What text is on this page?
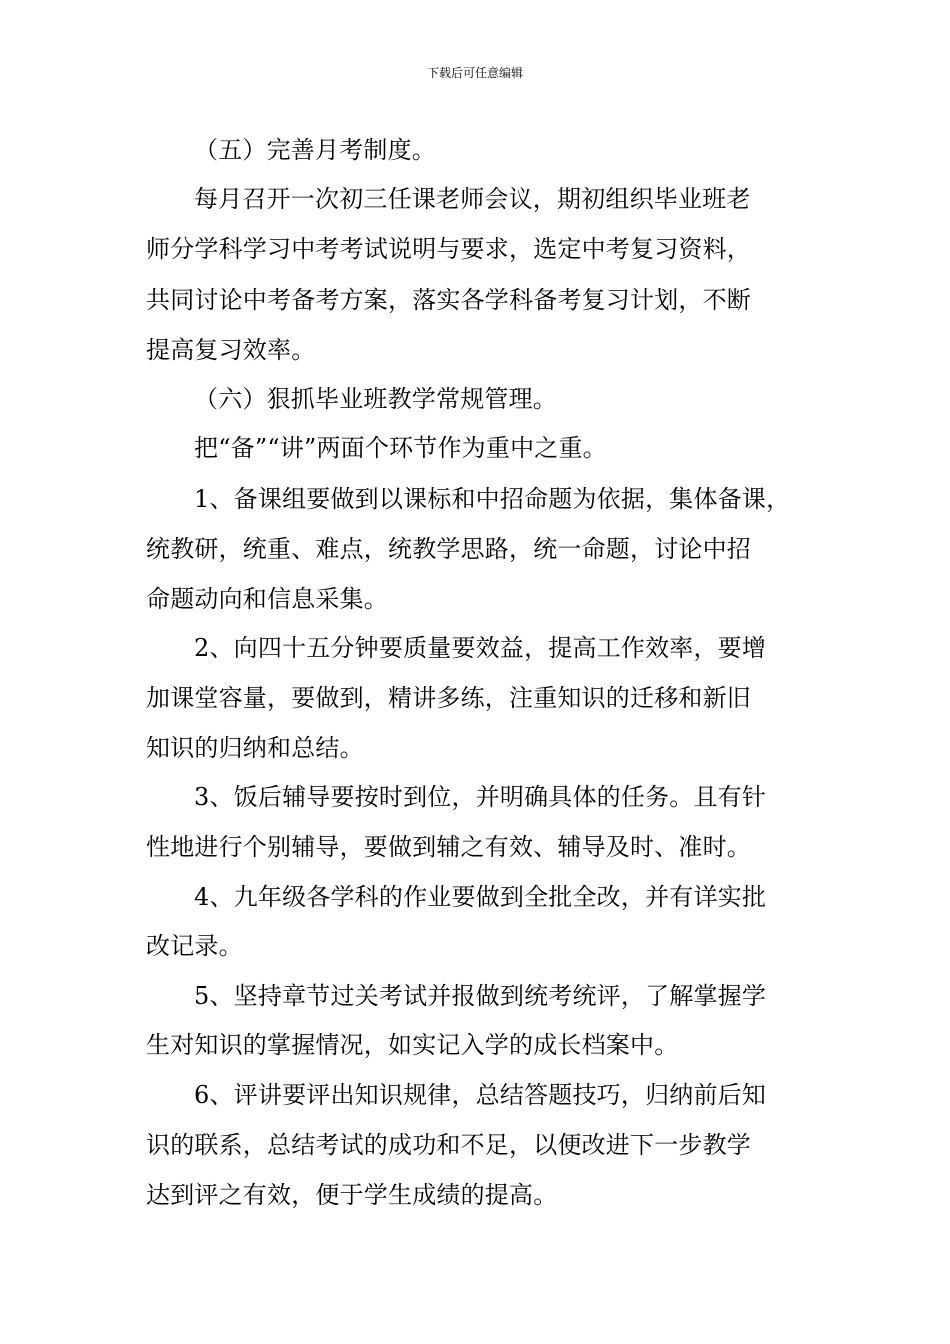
下载后可任意编辑
（五）完善月考制度。
每月召开一次初三任课老师会议，期初组织毕业班老
师分学科学习中考考试说明与要求，选定中考复习资料，
共同讨论中考备考方案，落实各学科备考复习计划，不断
提高复习效率。
（六）狠抓毕业班教学常规管理。
把“备”“讲”两面个环节作为重中之重。
1、备课组要做到以课标和中招命题为依据，集体备课，
统教研，统重、难点，统教学思路，统一命题，讨论中招
命题动向和信息采集。
2、向四十五分钟要质量要效益，提高工作效率，要增
加课堂容量，要做到，精讲多练，注重知识的迁移和新旧
知识的归纳和总结。
3、饭后辅导要按时到位，并明确具体的任务。且有针
性地进行个别辅导，要做到辅之有效、辅导及时、准时。
4、九年级各学科的作业要做到全批全改，并有详实批
改记录。
5、坚持章节过关考试并报做到统考统评，了解掌握学
生对知识的掌握情况，如实记入学的成长档案中。
6、评讲要评出知识规律，总结答题技巧，归纳前后知
识的联系，总结考试的成功和不足，以便改进下一步教学
达到评之有效，便于学生成绩的提高。
